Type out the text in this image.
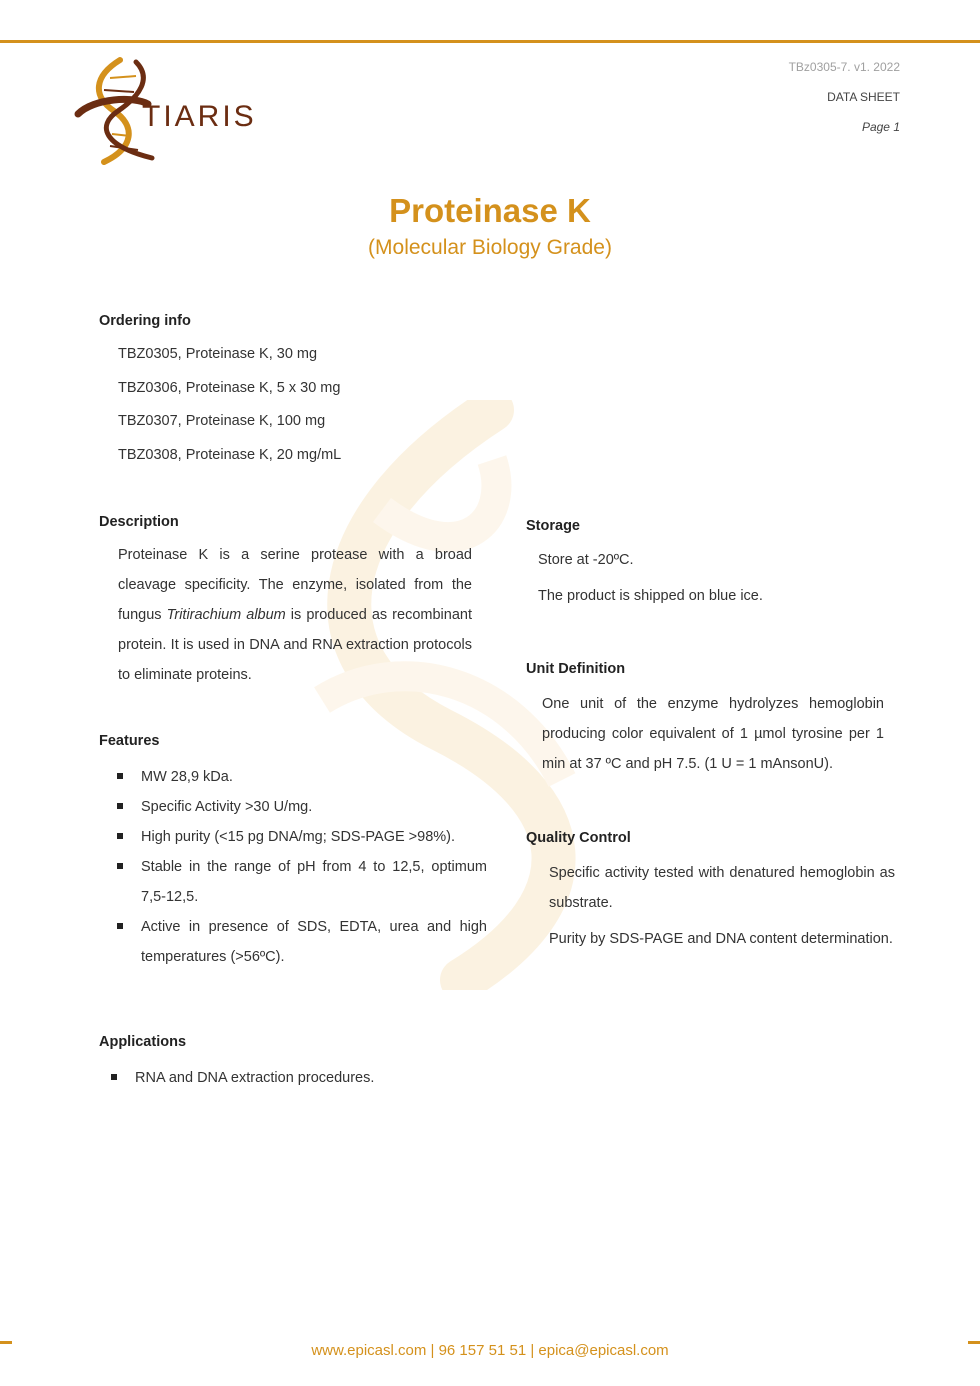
TIARIS
TBz0305-7. v1. 2022
DATA SHEET
Page 1
Proteinase K
(Molecular Biology Grade)
Ordering info
TBZ0305, Proteinase K, 30 mg
TBZ0306, Proteinase K, 5 x 30 mg
TBZ0307, Proteinase K, 100 mg
TBZ0308, Proteinase K, 20 mg/mL
Description
Proteinase K is a serine protease with a broad cleavage specificity. The enzyme, isolated from the fungus Tritirachium album is produced as recombinant protein. It is used in DNA and RNA extraction protocols to eliminate proteins.
Features
MW 28,9 kDa.
Specific Activity >30 U/mg.
High purity (<15 pg DNA/mg; SDS-PAGE >98%).
Stable in the range of pH from 4 to 12,5, optimum 7,5-12,5.
Active in presence of SDS, EDTA, urea and high temperatures (>56ºC).
Applications
RNA and DNA extraction procedures.
Storage
Store at -20ºC.
The product is shipped on blue ice.
Unit Definition
One unit of the enzyme hydrolyzes hemoglobin producing color equivalent of 1 µmol tyrosine per 1 min at 37 ºC and pH 7.5. (1 U = 1 mAnsonU).
Quality Control
Specific activity tested with denatured hemoglobin as substrate.
Purity by SDS-PAGE and DNA content determination.
www.epicasl.com | 96 157 51 51 | epica@epicasl.com
